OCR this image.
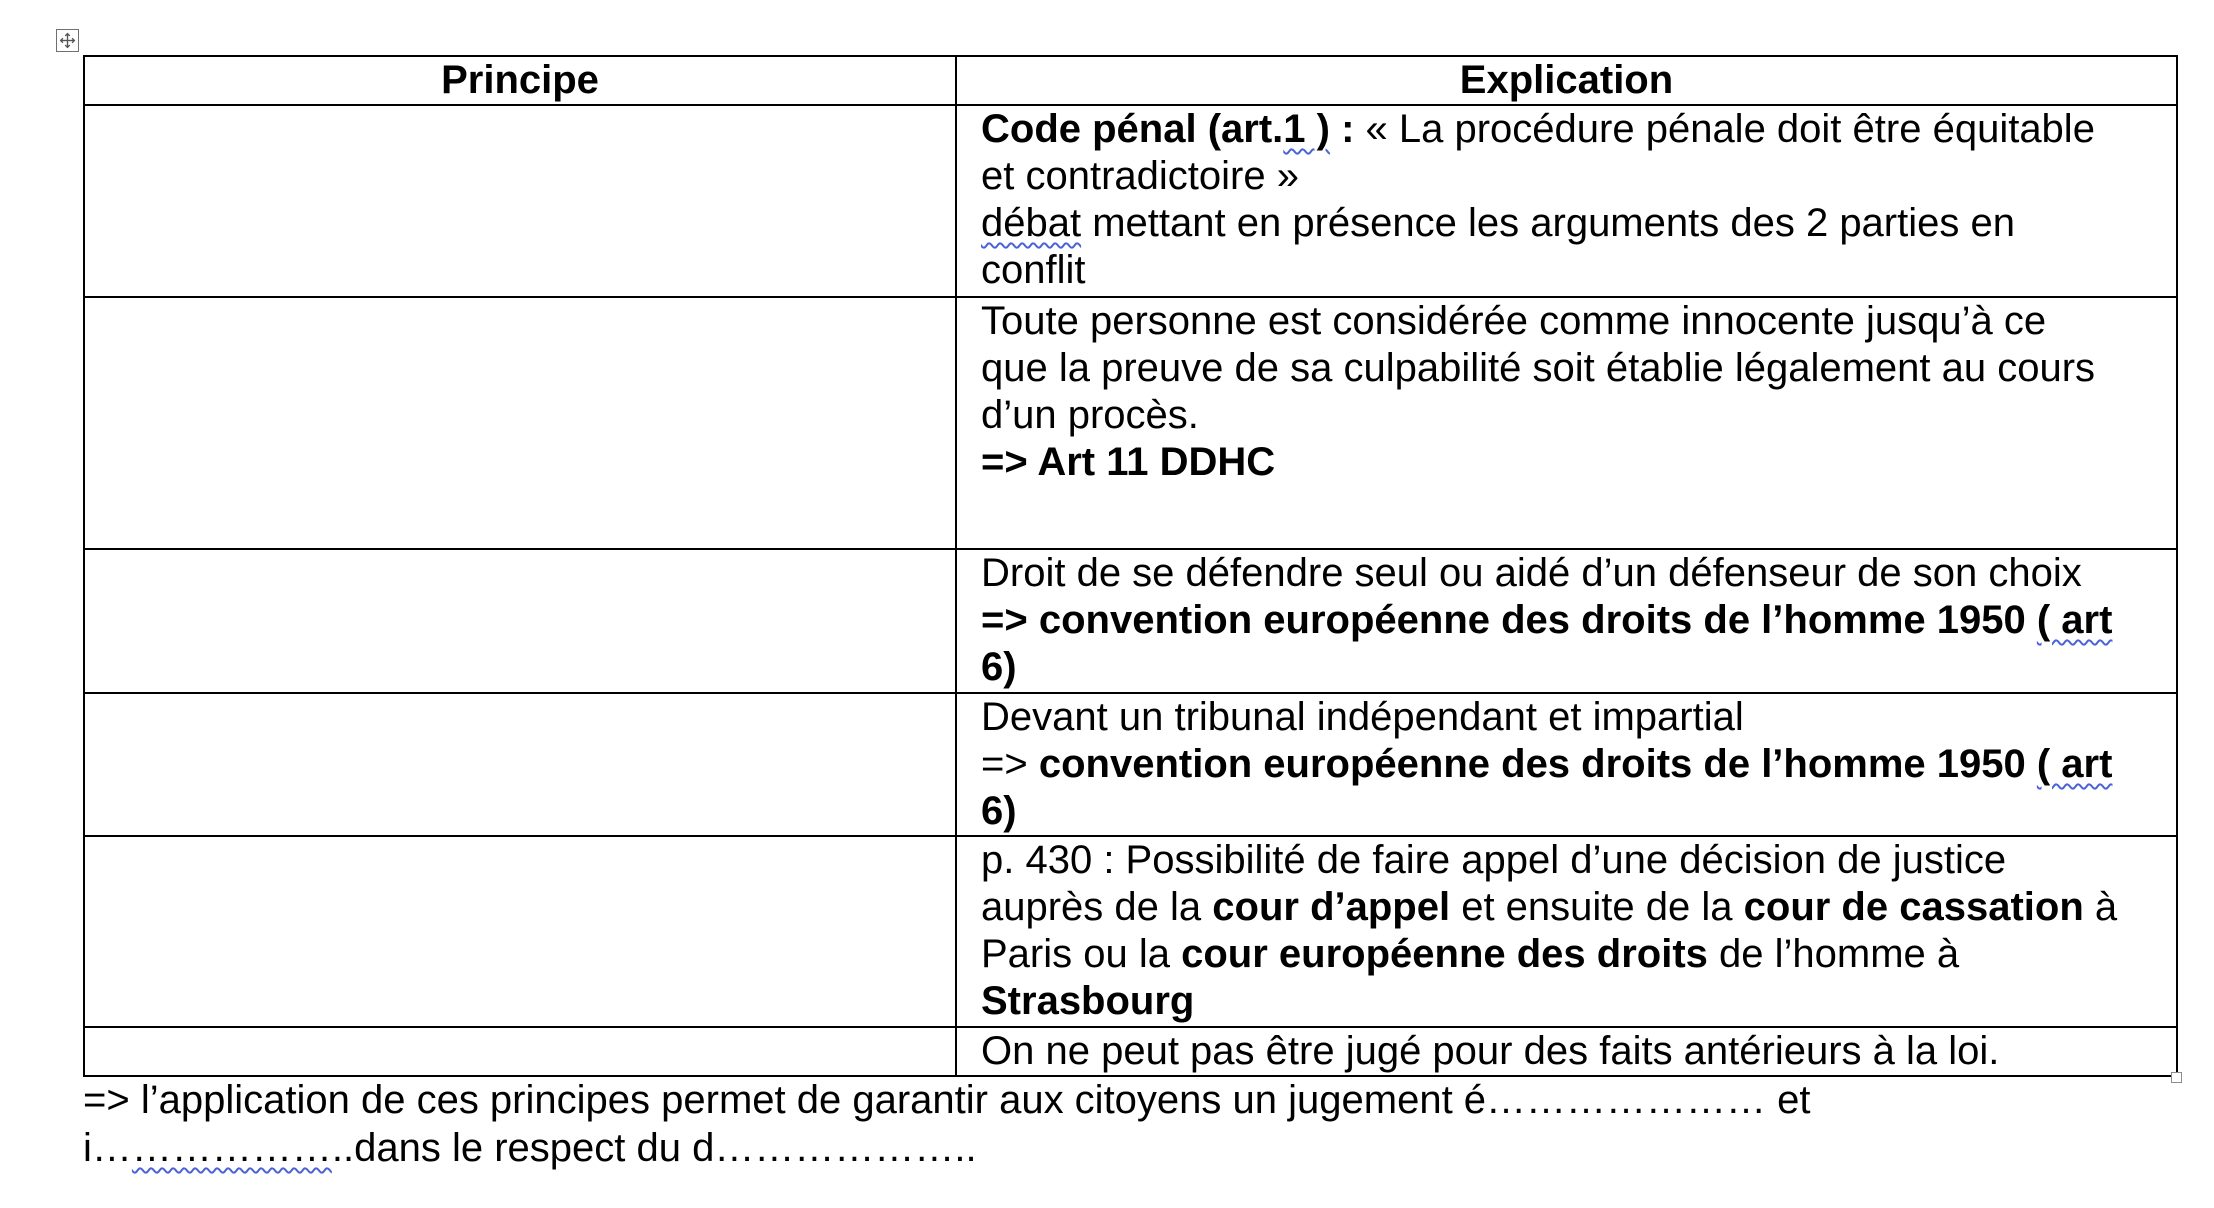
Principe	Explication

	Code pénal (art.1 ) : « La procédure pénale doit être équitable
et contradictoire »
débat mettant en présence les arguments des 2 parties en
conflit

	Toute personne est considérée comme innocente jusqu’à ce
que la preuve de sa culpabilité soit établie légalement au cours
d’un procès.
=> Art 11 DDHC

	Droit de se défendre seul ou aidé d’un défenseur de son choix
=> convention européenne des droits de l’homme 1950 ( art
6)

	Devant un tribunal indépendant et impartial
=> convention européenne des droits de l’homme 1950 ( art
6)

	p. 430 : Possibilité de faire appel d’une décision de justice
auprès de la cour d’appel et ensuite de la cour de cassation à
Paris ou la cour européenne des droits de l’homme à
Strasbourg

	On ne peut pas être jugé pour des faits antérieurs à la loi.
=> l’application de ces principes permet de garantir aux citoyens un jugement é………………… et
i………………..dans le respect du d………………..
